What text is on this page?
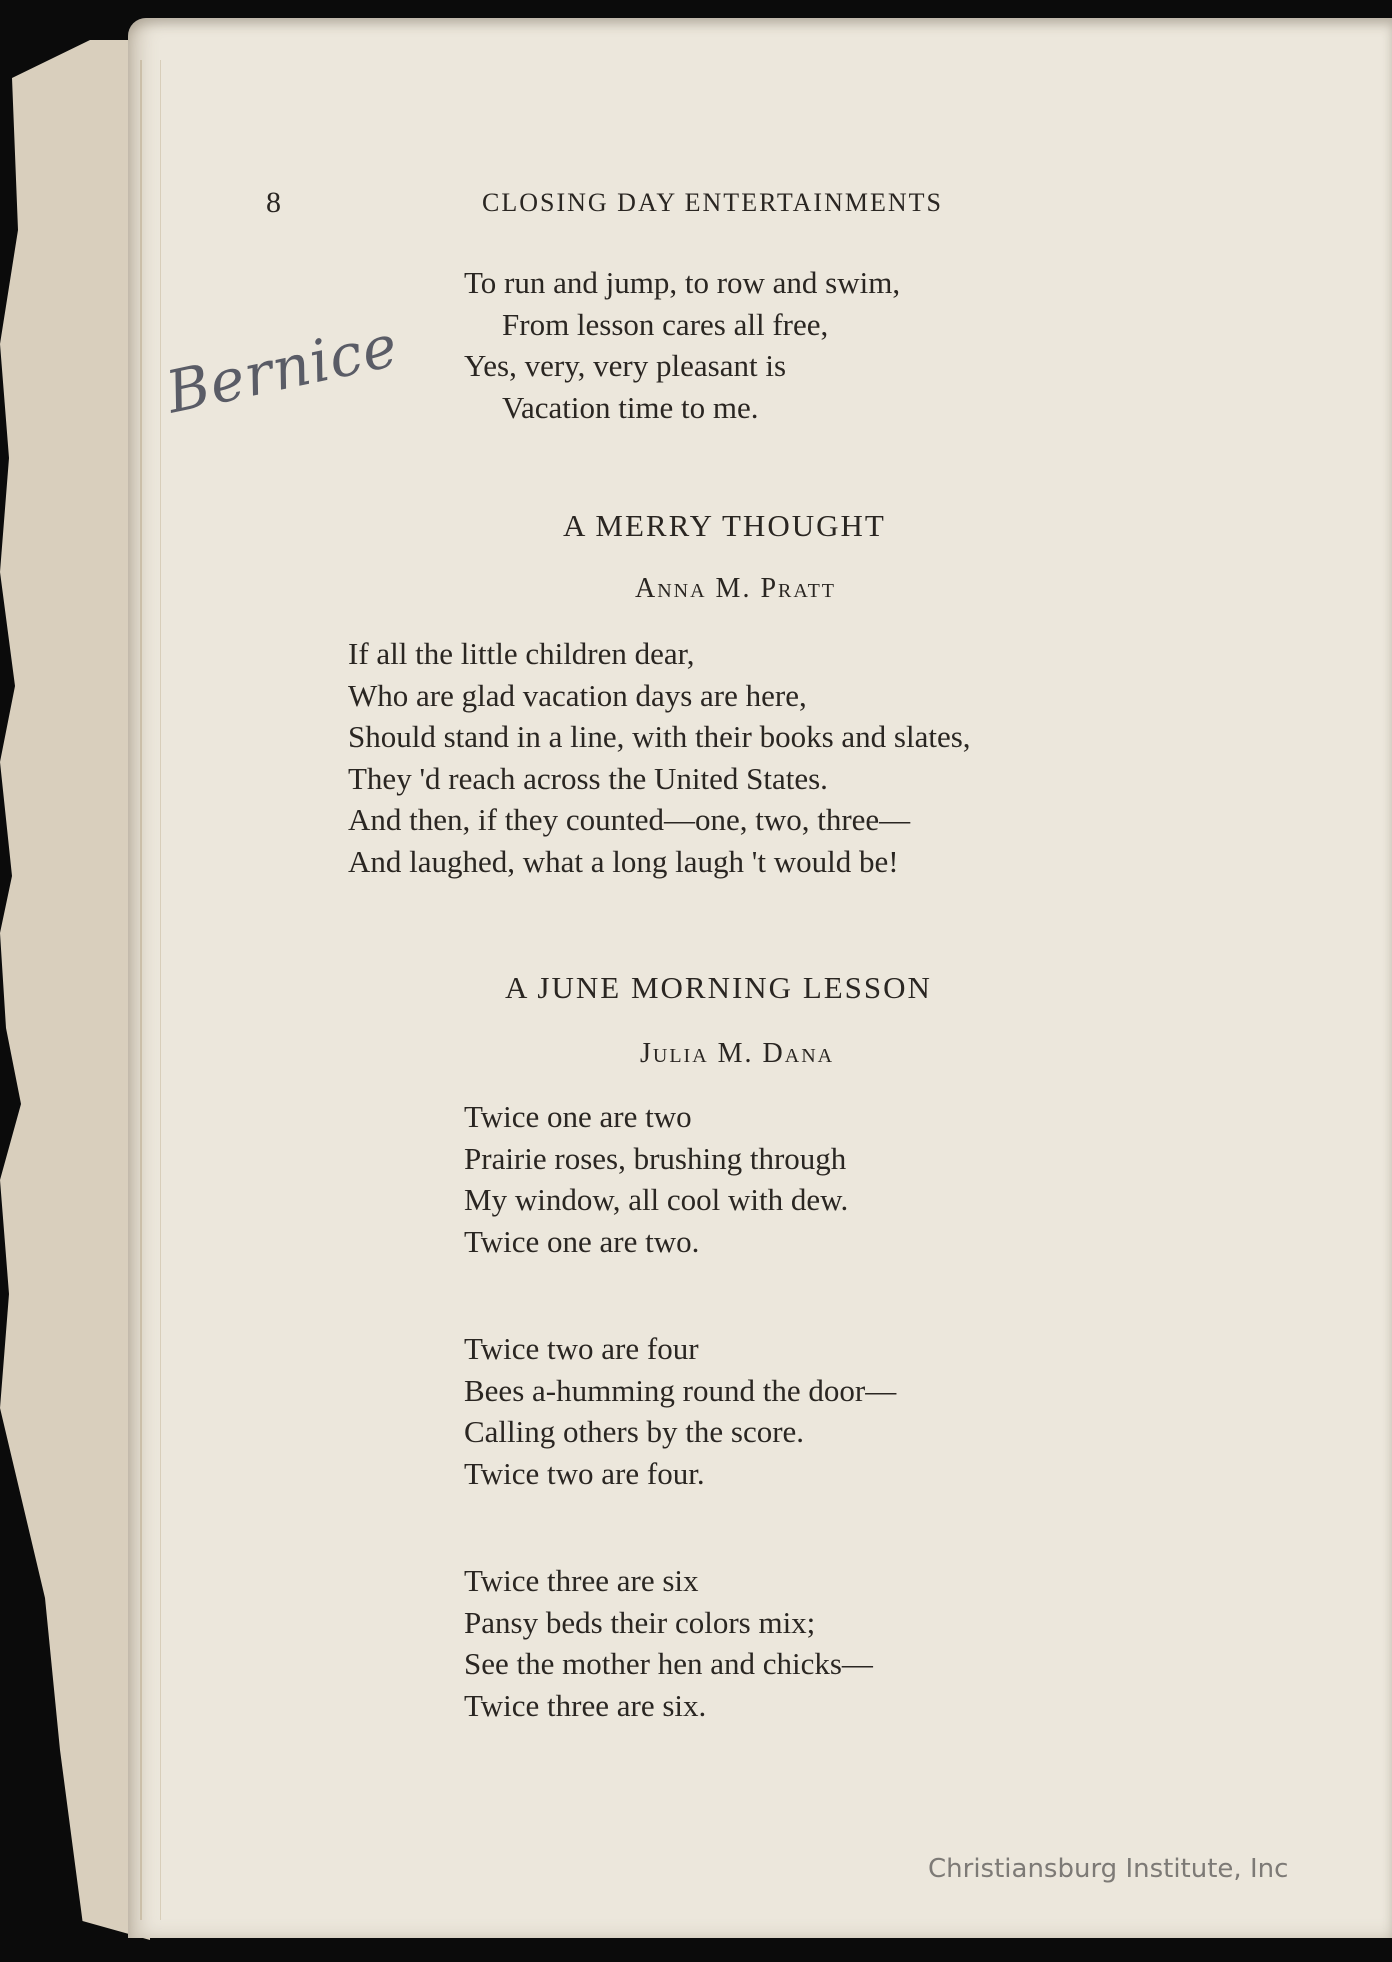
8	CLOSING DAY ENTERTAINMENTS
Bernice
To run and jump, to row and swim,
From lesson cares all free,
Yes, very, very pleasant is
Vacation time to me.
A MERRY THOUGHT
Anna M. Pratt
If all the little children dear,
Who are glad vacation days are here,
Should stand in a line, with their books and slates,
They 'd reach across the United States.
And then, if they counted—one, two, three—
And laughed, what a long laugh 't would be!
A JUNE MORNING LESSON
Julia M. Dana
Twice one are two
Prairie roses, brushing through
My window, all cool with dew.
Twice one are two.
Twice two are four
Bees a-humming round the door—
Calling others by the score.
Twice two are four.
Twice three are six
Pansy beds their colors mix;
See the mother hen and chicks—
Twice three are six.
Christiansburg Institute, Inc
